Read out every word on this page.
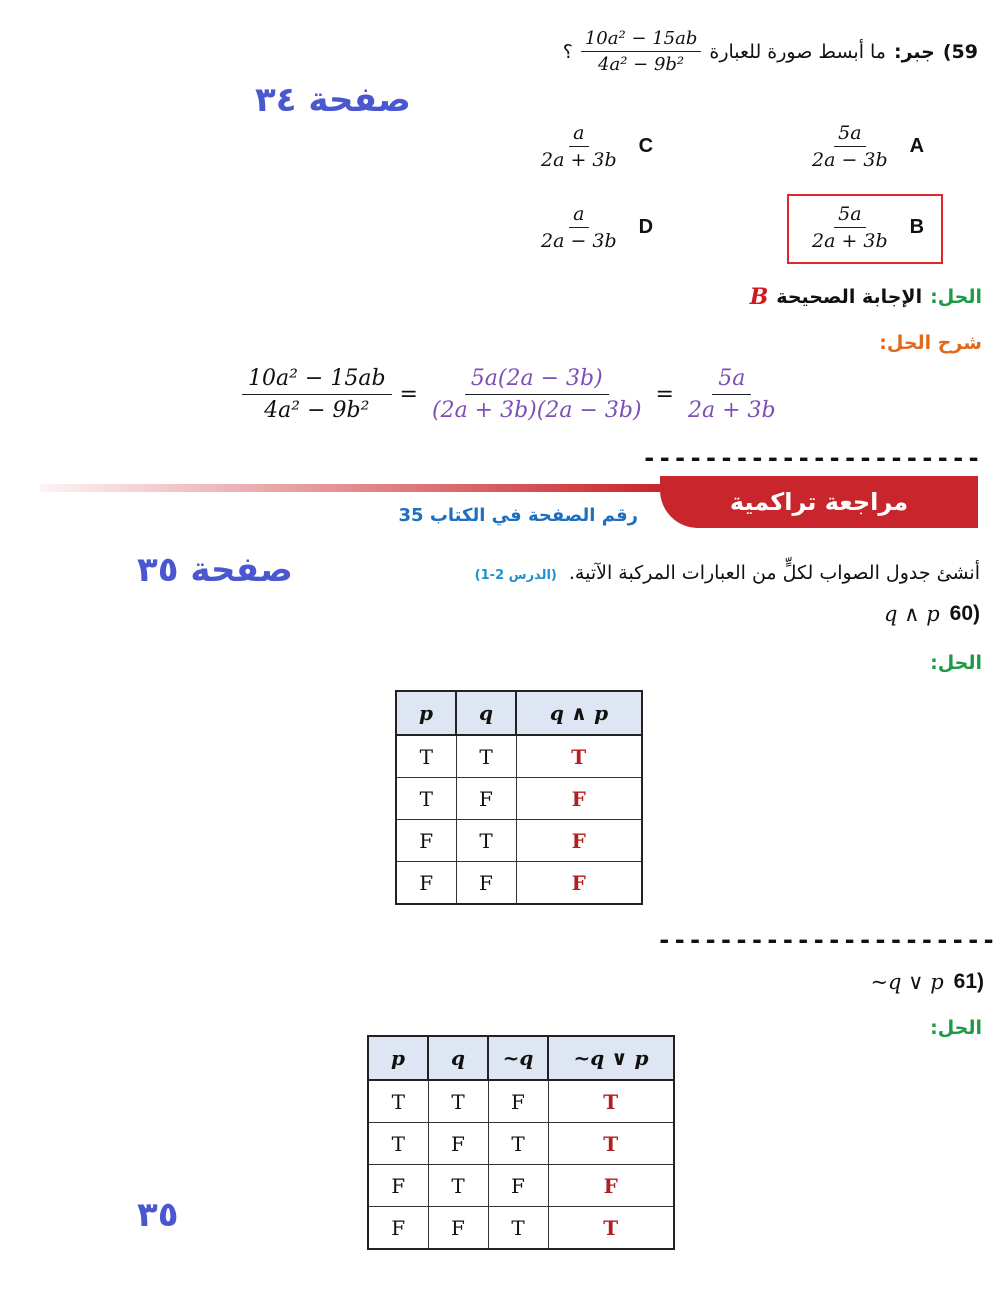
صفحة ٣٤
صفحة ٣٥
٣٥
59)
جبر:
ما أبسط صورة للعبارة
$\frac{\text{10a² − 15ab}}{\text{4a² − 9b²}}$
؟
$\frac{5a}{2a - 3b}$ A
$\frac{5a}{2a + 3b}$ B
$\frac{a}{2a + 3b}$ C
$\frac{a}{2a - 3b}$ D
الحل:
الإجابة الصحيحة
B
شرح الحل:
$\frac{\text{10a² − 15ab}}{\text{4a² − 9b²}} = \frac{5a(2a - 3b)}{(2a + 3b)(2a - 3b)} = \frac{5a}{2a + 3b}$
----------------------
مراجعة تراكمية
رقم الصفحة في الكتاب 35
أنشئ جدول الصواب لكلٍّ من العبارات المركبة الآتية.
(الدرس 2-1)
q ∧ p 60)
الحل:
p	q	q ∧ p
T	T	T
T	F	F
F	T	F
F	F	F
----------------------
~q ∨ p 61)
الحل:
p	q	~q	~q ∨ p
T	T	F	T
T	F	T	T
F	T	F	F
F	F	T	T
